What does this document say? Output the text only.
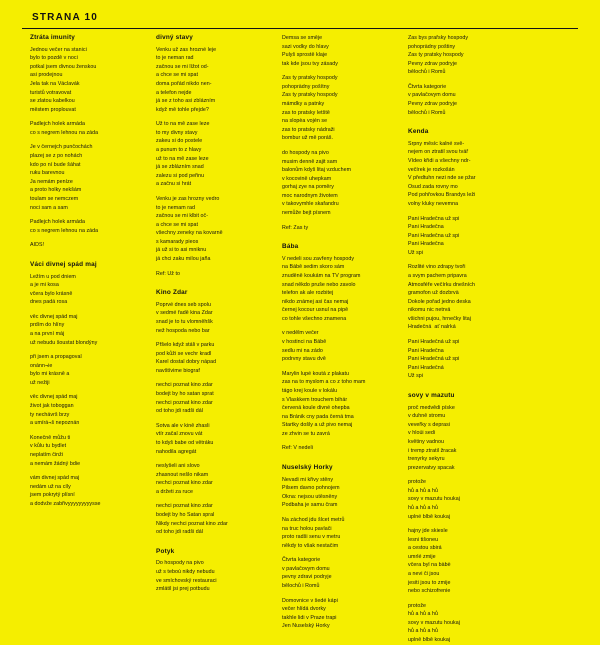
STRANA 10
Ztráta imunity
Jednou večer na stanici
bylo to pozdě v noci
potkal jsem divnou ženskou
asi prodejnou
Jela tak na Václavák
turistů votravovat
se zlatou kabelkou
městem proplouvat
Padlejch holek armáda
co s negrem lehnou na záda
Je v černejch punčochách
plazej se z po nohách
kdo po ní bude šáhat
ruku barevnou
Ja nemám peníze
a proto holky nekšám
toulam se nemczem
noci sam a sam
Padlejch holek armáda
co s negrem lehnou na záda
AIDS!
Váci divnej spád maj
Ležím u pod dniem
a je mi kosa
včera bylo krásně
dnes padá rosa
věc divnej spád maj
prdím do hlíny
a na první máj
už nebudu šoustat blondýny
při jsem a propagoval
onánn¬ie
bylo mi krásně a
už nežiji
věc divnej spád maj
život jak toboggan
ty nechávrš brzy
a umírá¬š nepoznán
Konečně můžu ti
v kůlu tu bydlet
neplatím činži
a nemám žádný bdie
vám divnej spád maj
nedám už na cíly
jsem pokrytý plísní
a dodvže zabřivyyyyyyyyysse
divný stavy
Venku už zas hrozné leje
to je neman rad
začnou se mi lížot od-
a chce se mi spat
doma pořád nikdo nen-
a telefon nejde
já se z toho asi zblázním
když mě tohle přejde?
Už to na mě zase leze
to my divny stavy
zakeu si do postele
a punum to z hlavy
už to na mě zase leze
já se zblázním snad
zalezu si pod peřinu
a začnu si hrát
Venku je zas hrozny vedro
to je nemam rad
začnou se mi klbit oč-
a chce se mi spat
všechny zeneky na kovarně
s kamarady pieos
já už si to asi mniknu
já chci zaku milou jaña
Ref: Už to
Kino Zdar
Poprvé dnes seb spolu
v sedmé řadě kina Zdar
snad je to tu vlomněhšk
než hospoda nebo bar
Přšelo když stáli v parku
pod kůži se vechr kradl
Karel dostal dobry nápad
navštívime biograf
nechci poznat kino zdar
bodejt by ho satan sprat
nechci poznat kino zdar
od toho jdi radši dál
Sotva ale v kině zhasli
vtír začal znovu vát
to kdyš babe od větráku
nahodila agregát
neslyšeli ani slovo
zhasnout nešlo nikam
nechci poznat kino zdar
a držeti za ruce
nechci poznat kino zdar
bodejt by ho Satan spral
Nikdy nechci poznat kino zdar
od toho jdi radši dál
Potyk
Do hospody na pivo
už s teboú nikdy nebudu
ve smíchovský restauraci
zmlátil jsi prej potbudu
Demsa se směje
sazi vodky do hlavy
Pulyš sprostě klaje
tak kde jsou tvy zásady
Zas ty pratsky hospody
pohopràdny pošítny
Zas ty pratsky hospody
mámdky a patnky
zas to pratsky letště
na slopèa vojén se
zas to pratsky nádraži
bombur už mě poráš.
do hospody na pivo
musim denně zajit sam
balonům kdyš litaj vzduchem
v kocovině uhepkam
gorhaj zye na poměry
moc narodnym životem
v takovymhle skafandru
nemůže bejt písnem
Ref: Zas ty
Bába
V nedeli sou zavřeny hospody
na Bábě sedim skoro sám
znuděně koukám na TV program
snad někdo pruše nebo zavolo
telefon ak ale rozbitej
nikdo známej asi čas nemaj
černej kocour usnul na pipě
co tohle všechno znamena
v nedělm večer
v hostinci na Bábě
sedlu mi na zádo
podrvny stavu dvě
Marylin lupé koutá z plakatu
zas na to myslom a co z toho mam
tágo krej koule v lokálu
s Vlaskkem trouchem bihár
červená koule divné ohepba
na Bránik cny pada černá tma
Startky došly a už pivo nemaj
ze zhvin se tu zavrá
Ref: V nedeli
Nuselský Horky
Nevadi mi křivy stěny
Pilsem davno pohnojem
Okna: nejsou utěsněny
Podbaha je samu čram
Na záchod jdu šlcet metrů
na truc holou pavlači
proto radši senu v metru
někdy to však nestačim
Čtvrta kategorie
v pavlačovym domu
pevny zdravi podryje
bělochů i Romů
Domovnice v šedé kápi
večer hlídá dvorky
takhle lidi v Praze trapi
Jen Nuselský Horky
Zas bys prařsky hospody
pohopràdny poštiny
Zas ty pratsky hospody
Pevny zdrav podryje
bělochů i Romů
Čtvrta kategorie
v pavlačovym domu
Pevny zdrav podryje
bělochů i Romů
Kenda
Srpny měsíc kalné svě-
nejem on ztratil svou tvář
Vídeo křidi a všechny ndr-
večírek je rozkošán
V předtuhn nezi nde se pžar
Osud zada rovny mo
Pod pohřovkou Brandys leži
volny kluky nevemna
Pani Hradečna už spi
Pani Hradečna
Pani Hradečna už spi
Pani Hradečna
Už spi
Rozlité vino zdrapy tvoři
a svym pachem pripavra
Atmosféře večírku dnešních
gramofon už dozbrvà
Dokole pořad jedno deska
nikomu nic netrvá
všichni pujou, hrnečky litaj
Hradečná  ať nalrká
Pani Hradečná už spi
Pani Hradečna
Pani Hradečná už spi
Pani Hradečná
Už spi
sovy v mazutu
proč medvědi píske
v duhně stromu
veveřky s deprasi
v hloúi sedi
květiny vadnou
i tremp ztratil žracak
trenyrky sekyru
prezervatvy spacak
protože
hů a hů a hů
sovy v mazutu houkaj
hů a hů a hů
uplné blbě koukaj
hajny jde skiesle
lesni tišoneu
a cestou sbirá
umrlé zmije
včera byl na bàbè
a nevi či jsou
jesiti jsou to zmije
nebo schizofrenie
protože
hů a hů a hů
sovy v mazutu houkaj
hů a hů a hů
uplně blbě koukaj
